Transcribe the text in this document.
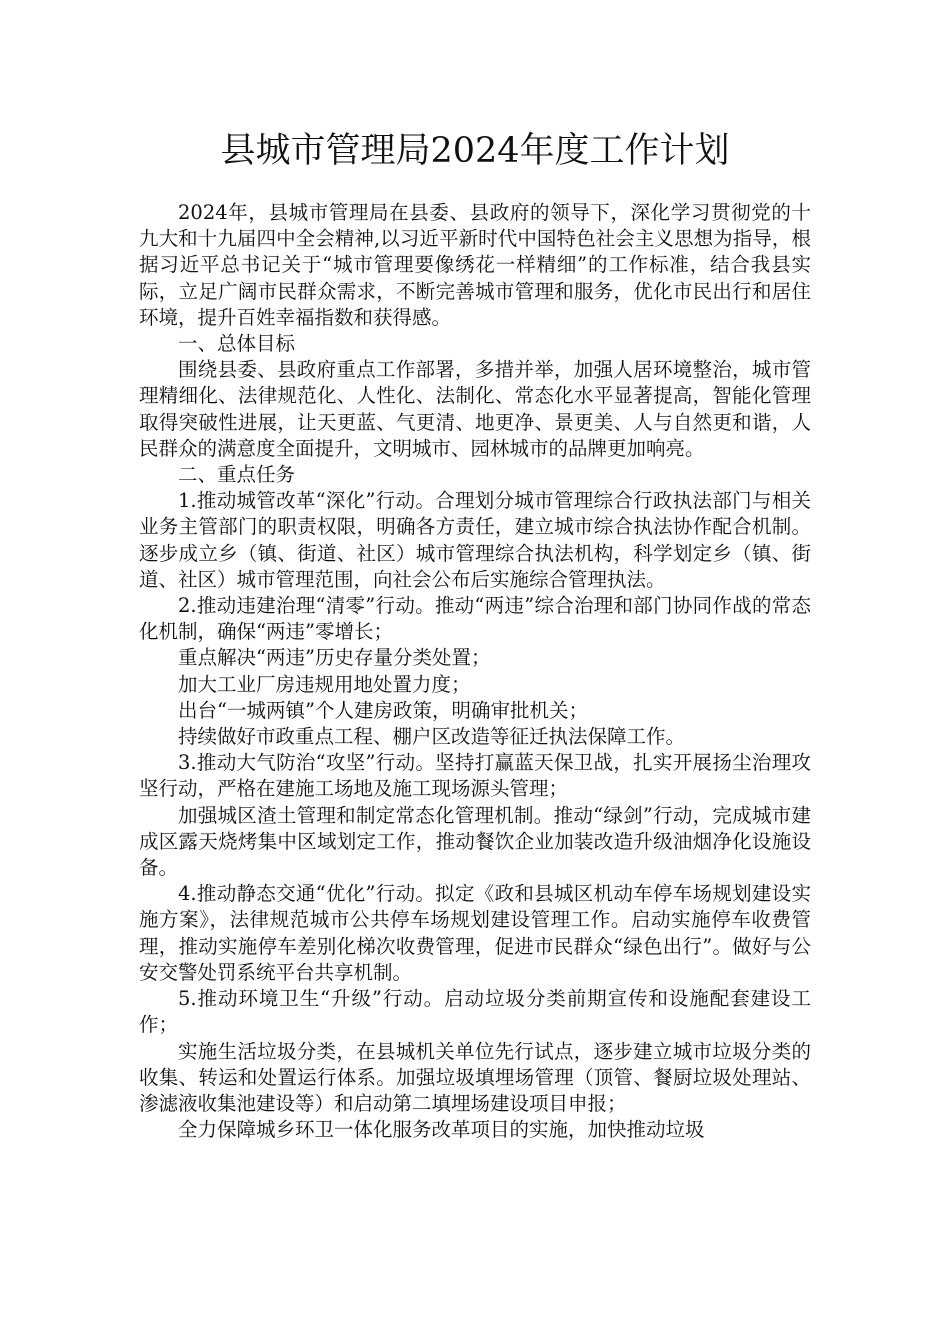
县城市管理局2024年度工作计划

2024年，县城市管理局在县委、县政府的领导下，深化学习贯彻党的十九大和十九届四中全会精神,以习近平新时代中国特色社会主义思想为指导，根据习近平总书记关于“城市管理要像绣花一样精细”的工作标准，结合我县实际，立足广阔市民群众需求，不断完善城市管理和服务，优化市民出行和居住环境，提升百姓幸福指数和获得感。

一、总体目标

围绕县委、县政府重点工作部署，多措并举，加强人居环境整治，城市管理精细化、法律规范化、人性化、法制化、常态化水平显著提高，智能化管理取得突破性进展，让天更蓝、气更清、地更净、景更美、人与自然更和谐，人民群众的满意度全面提升，文明城市、园林城市的品牌更加响亮。

二、重点任务

1.推动城管改革“深化”行动。合理划分城市管理综合行政执法部门与相关业务主管部门的职责权限，明确各方责任，建立城市综合执法协作配合机制。逐步成立乡（镇、街道、社区）城市管理综合执法机构，科学划定乡（镇、街道、社区）城市管理范围，向社会公布后实施综合管理执法。

2.推动违建治理“清零”行动。推动“两违”综合治理和部门协同作战的常态化机制，确保“两违”零增长；

重点解决“两违”历史存量分类处置；

加大工业厂房违规用地处置力度；

出台“一城两镇”个人建房政策，明确审批机关；

持续做好市政重点工程、棚户区改造等征迁执法保障工作。

3.推动大气防治“攻坚”行动。坚持打赢蓝天保卫战，扎实开展扬尘治理攻坚行动，严格在建施工场地及施工现场源头管理；

加强城区渣土管理和制定常态化管理机制。推动“绿剑”行动，完成城市建成区露天烧烤集中区域划定工作，推动餐饮企业加装改造升级油烟净化设施设备。

4.推动静态交通“优化”行动。拟定《政和县城区机动车停车场规划建设实施方案》，法律规范城市公共停车场规划建设管理工作。启动实施停车收费管理，推动实施停车差别化梯次收费管理，促进市民群众“绿色出行”。做好与公安交警处罚系统平台共享机制。

5.推动环境卫生“升级”行动。启动垃圾分类前期宣传和设施配套建设工作；

实施生活垃圾分类，在县城机关单位先行试点，逐步建立城市垃圾分类的收集、转运和处置运行体系。加强垃圾填埋场管理（顶管、餐厨垃圾处理站、渗滤液收集池建设等）和启动第二填埋场建设项目申报；

全力保障城乡环卫一体化服务改革项目的实施，加快推动垃圾
